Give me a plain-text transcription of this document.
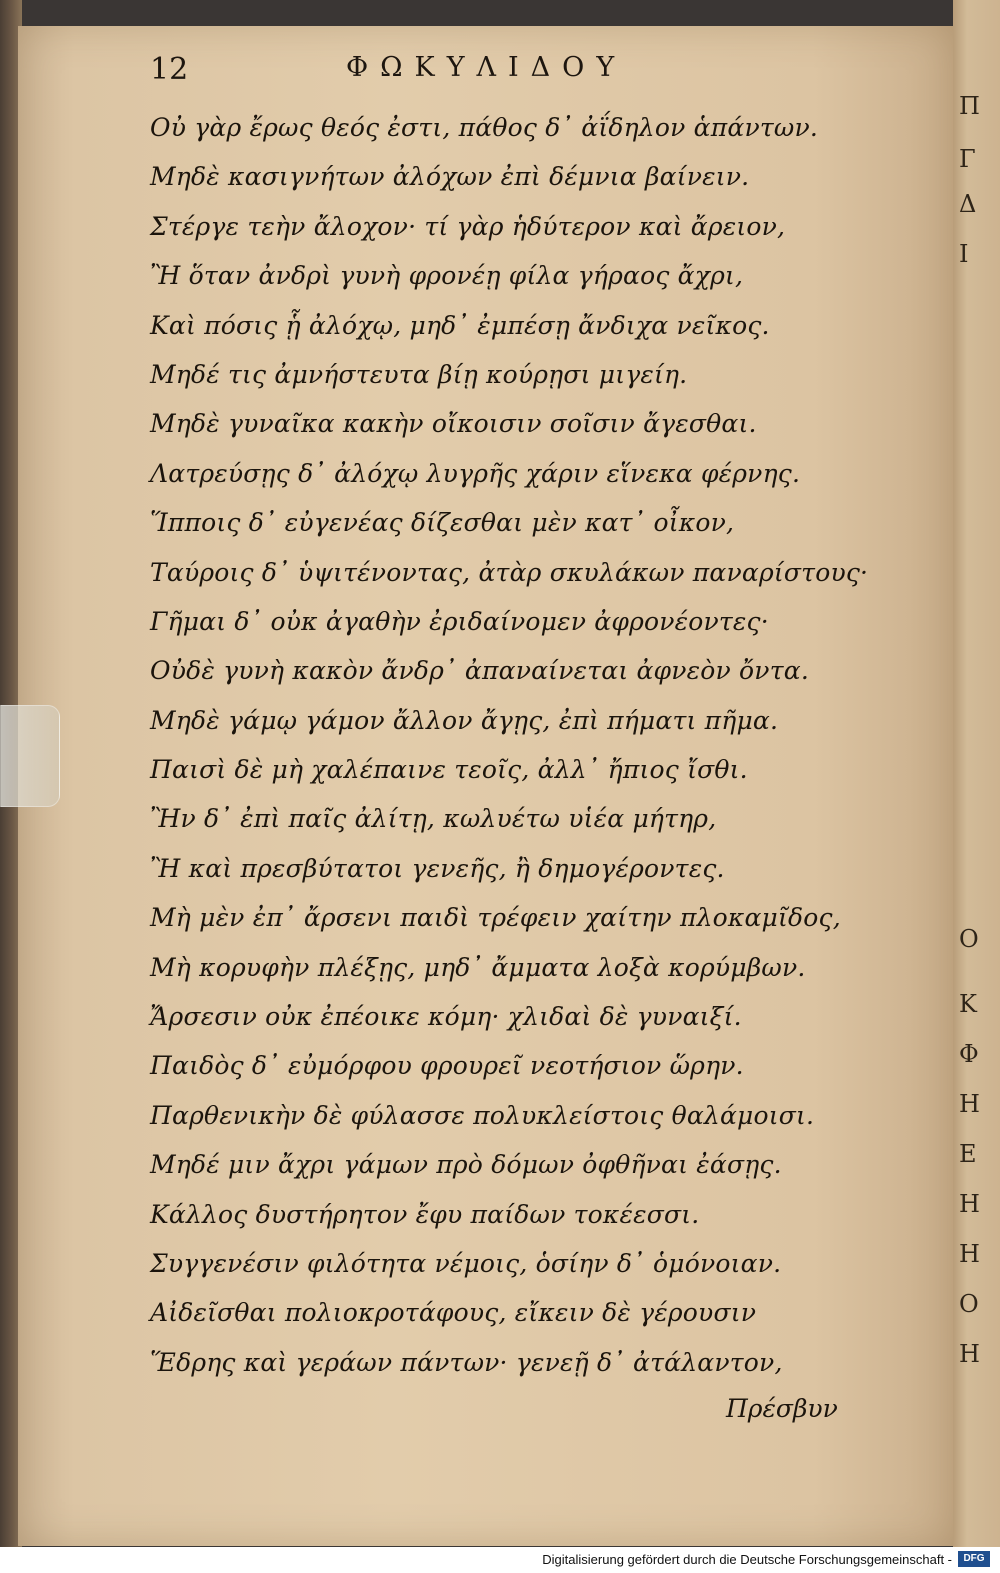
Π
Γ
Δ
Ι
Ο
Κ
Φ
Η
Ε
Η
Η
Ο
Η
12	ΦΩΚΥΛΙΔΟΥ
Οὐ γὰρ ἔρως θεός ἐστι, πάθος δ᾽ ἀΐδηλον ἁπάντων.
Μηδὲ κασιγνήτων ἀλόχων ἐπὶ δέμνια βαίνειν.
Στέργε τεὴν ἄλοχον· τί γὰρ ἡδύτερον καὶ ἄρειον,
Ἢ ὅταν ἀνδρὶ γυνὴ φρονέῃ φίλα γήραος ἄχρι,
Καὶ πόσις ᾗ ἀλόχῳ, μηδ᾽ ἐμπέσῃ ἄνδιχα νεῖκος.
Μηδέ τις ἀμνήστευτα βίῃ κούρῃσι μιγείη.
Μηδὲ γυναῖκα κακὴν οἴκοισιν σοῖσιν ἄγεσθαι.
Λατρεύσῃς δ᾽ ἀλόχῳ λυγρῆς χάριν εἵνεκα φέρνης.
Ἵπποις δ᾽ εὐγενέας δίζεσθαι μὲν κατ᾽ οἶκον,
Ταύροις δ᾽ ὑψιτένοντας, ἀτὰρ σκυλάκων παναρίστους·
Γῆμαι δ᾽ οὐκ ἀγαθὴν ἐριδαίνομεν ἀφρονέοντες·
Οὐδὲ γυνὴ κακὸν ἄνδρ᾽ ἀπαναίνεται ἀφνεὸν ὄντα.
Μηδὲ γάμῳ γάμον ἄλλον ἄγῃς, ἐπὶ πήματι πῆμα.
Παισὶ δὲ μὴ χαλέπαινε τεοῖς, ἀλλ᾽ ἤπιος ἴσθι.
Ἢν δ᾽ ἐπὶ παῖς ἀλίτῃ, κωλυέτω υἱέα μήτηρ,
Ἢ καὶ πρεσβύτατοι γενεῆς, ἢ δημογέροντες.
Μὴ μὲν ἐπ᾽ ἄρσενι παιδὶ τρέφειν χαίτην πλοκαμῖδος,
Μὴ κορυφὴν πλέξῃς, μηδ᾽ ἄμματα λοξὰ κορύμβων.
Ἄρσεσιν οὐκ ἐπέοικε κόμη· χλιδαὶ δὲ γυναιξί.
Παιδὸς δ᾽ εὐμόρφου φρουρεῖ νεοτήσιον ὥρην.
Παρθενικὴν δὲ φύλασσε πολυκλείστοις θαλάμοισι.
Μηδέ μιν ἄχρι γάμων πρὸ δόμων ὀφθῆναι ἐάσῃς.
Κάλλος δυστήρητον ἔφυ παίδων τοκέεσσι.
Συγγενέσιν φιλότητα νέμοις, ὁσίην δ᾽ ὁμόνοιαν.
Αἰδεῖσθαι πολιοκροτάφους, εἴκειν δὲ γέρουσιν
Ἕδρης καὶ γεράων πάντων· γενεῇ δ᾽ ἀτάλαντον,
Πρέσβυν
Digitalisierung gefördert durch die Deutsche Forschungsgemeinschaft -	DFG
